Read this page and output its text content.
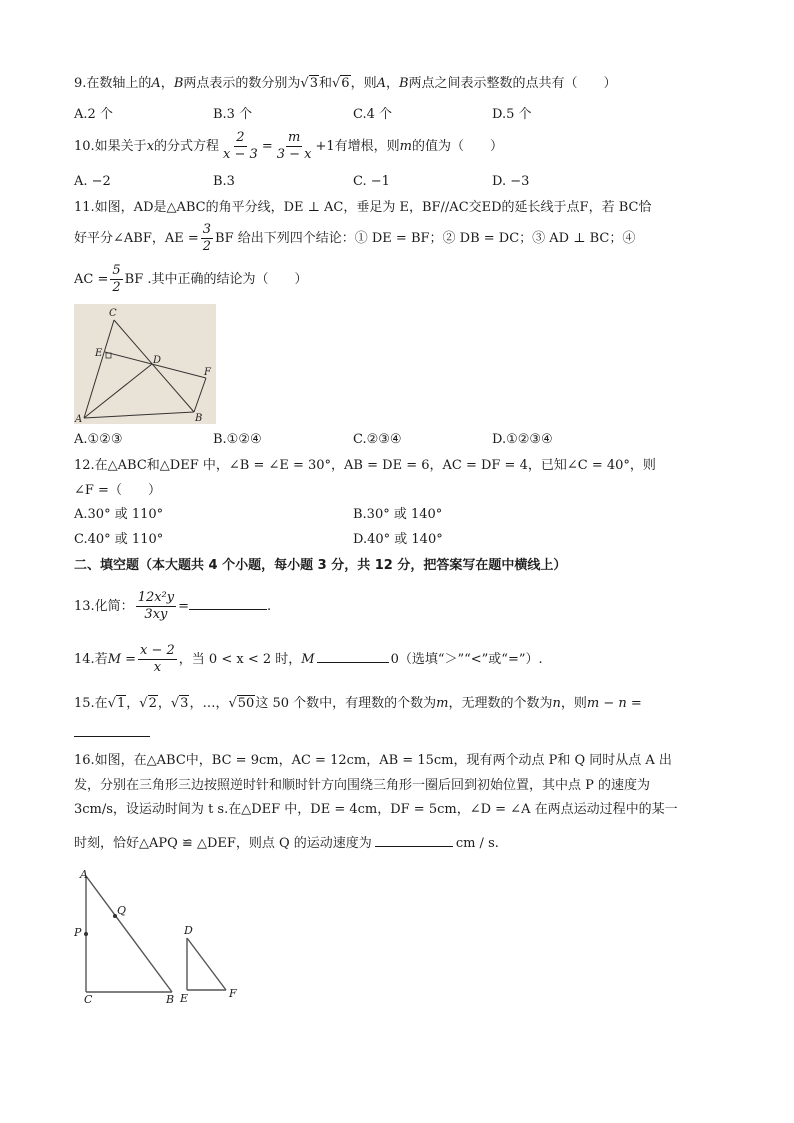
9.在数轴上的A，B两点表示的数分别为√3和√6，则A，B两点之间表示整数的点共有（　　）
A.2 个	B.3 个	C.4 个	D.5 个
10.如果关于x的分式方程 $\frac{2}{x - 3} = \frac{m}{3 - x} +1$有增根，则m的值为（　　）
A. −2	B.3	C. −1	D. −3
11.如图，AD是△ABC的角平分线，DE ⊥ AC，垂足为 E，BF//AC交ED的延长线于点F，若 BC恰
好平分∠ABF，AE = $\frac{3}{2}$ BF 给出下列四个结论：① DE = BF；② DB = DC；③ AD ⊥ BC；④
AC = $\frac{5}{2}$ BF .其中正确的结论为（　　）
C
E
D
F
A	B
A.①②③	B.①②④	C.②③④	D.①②③④
12.在△ABC和△DEF 中，∠B = ∠E = 30°，AB = DE = 6，AC = DF = 4，已知∠C = 40°，则
∠F =（　　）
A.30° 或 110°	B.30° 或 140°
C.40° 或 110°	D.40° 或 140°
二、填空题（本大题共 4 个小题，每小题 3 分，共 12 分，把答案写在题中横线上）
13.化简： $\frac{\text{12x²y}}{3xy}$ =	.
14.若$M = \frac{x - 2}{x}$ ，当 0 < x < 2 时，M	0（选填“＞”“<”或“=”）.
15.在√1，√2，√3，…，√50这 50 个数中，有理数的个数为m，无理数的个数为n，则m − n =
16.如图，在△ABC中，BC = 9cm，AC = 12cm，AB = 15cm，现有两个动点 P和 Q 同时从点 A 出
发，分别在三角形三边按照逆时针和顺时针方向围绕三角形一圈后回到初始位置，其中点 P 的速度为
3cm/s，设运动时间为 t s.在△DEF 中，DE = 4cm，DF = 5cm，∠D = ∠A 在两点运动过程中的某一
时刻，恰好△APQ ≌ △DEF，则点 Q 的运动速度为	cm / s.
A
Q
P
C	B
D
E	F
